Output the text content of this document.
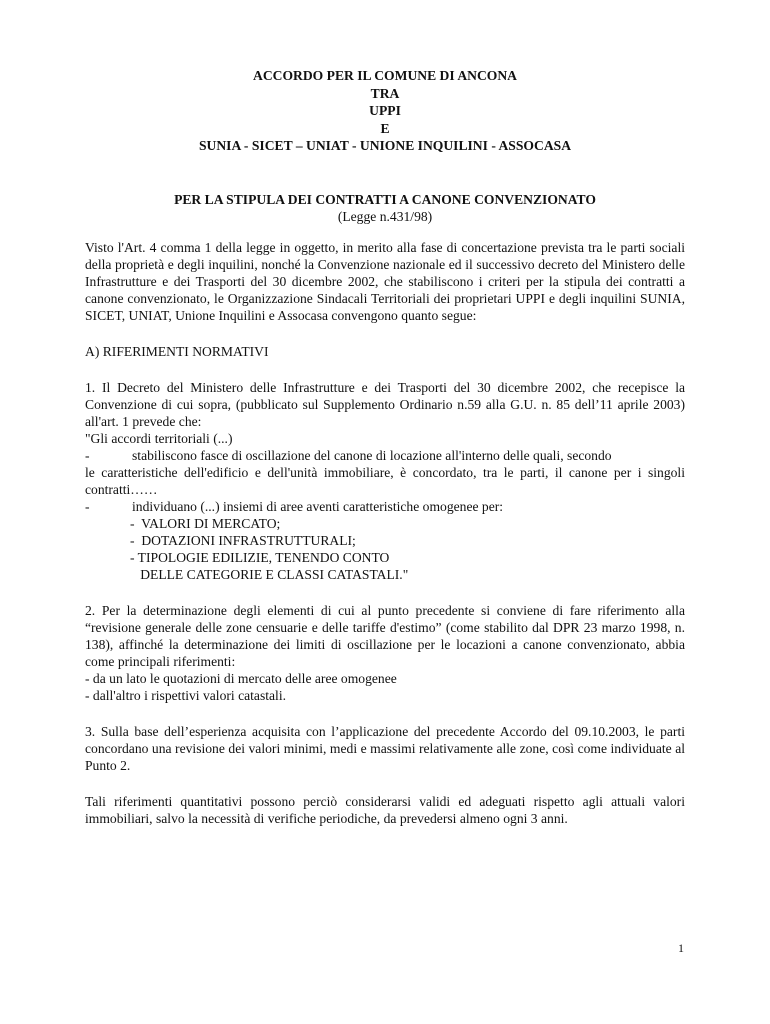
ACCORDO PER IL COMUNE DI ANCONA
TRA
UPPI
E
SUNIA - SICET – UNIAT - UNIONE INQUILINI - ASSOCASA
PER LA STIPULA DEI CONTRATTI A CANONE CONVENZIONATO
(Legge n.431/98)

Visto l'Art. 4 comma 1 della legge in oggetto, in merito alla fase di concertazione prevista tra le parti sociali della proprietà e degli inquilini, nonché la Convenzione nazionale ed il successivo decreto del Ministero delle Infrastrutture e dei Trasporti del 30 dicembre 2002, che stabiliscono i criteri per la stipula dei contratti a canone convenzionato, le Organizzazione Sindacali Territoriali dei proprietari UPPI e degli inquilini SUNIA, SICET, UNIAT, Unione Inquilini e Assocasa convengono quanto segue:

A) RIFERIMENTI NORMATIVI

1. Il Decreto del Ministero delle Infrastrutture e dei Trasporti del 30 dicembre 2002, che recepisce la Convenzione di cui sopra, (pubblicato sul Supplemento Ordinario n.59 alla G.U. n. 85 dell’11 aprile 2003) all'art. 1 prevede che:

"Gli accordi territoriali (...)
-	stabiliscono fasce di oscillazione del canone di locazione all'interno delle quali, secondo

le caratteristiche dell'edificio e dell'unità immobiliare, è concordato, tra le parti, il canone per i singoli contratti……

-	individuano (...) insiemi di aree aventi caratteristiche omogenee per:
-  VALORI DI MERCATO;
-  DOTAZIONI INFRASTRUTTURALI;
- TIPOLOGIE EDILIZIE, TENENDO CONTO
DELLE CATEGORIE E CLASSI CATASTALI."

2. Per la determinazione degli elementi di cui al punto precedente si conviene di fare riferimento alla “revisione generale delle zone censuarie e delle tariffe d'estimo” (come stabilito dal DPR 23 marzo 1998, n. 138), affinché la determinazione dei limiti di oscillazione per le locazioni a canone convenzionato, abbia come principali riferimenti:

- da un lato le quotazioni di mercato delle aree omogenee
- dall'altro i rispettivi valori catastali.

3. Sulla base dell’esperienza acquisita con l’applicazione del precedente Accordo del 09.10.2003, le parti concordano una revisione dei valori minimi, medi e massimi relativamente alle zone, così come individuate al Punto 2.

Tali riferimenti quantitativi possono perciò considerarsi validi ed adeguati rispetto agli attuali valori immobiliari, salvo la necessità di verifiche periodiche, da prevedersi almeno ogni 3 anni.

1
